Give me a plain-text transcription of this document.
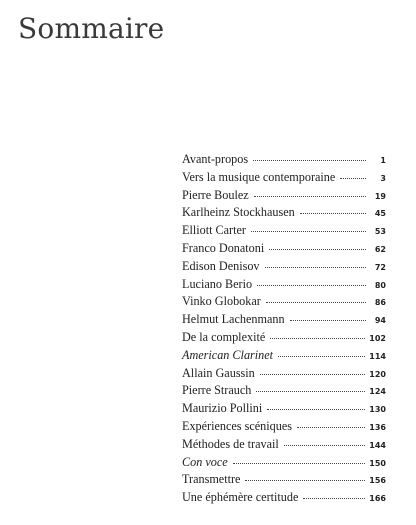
Sommaire
Avant-propos	1
Vers la musique contemporaine	3
Pierre Boulez	19
Karlheinz Stockhausen	45
Elliott Carter	53
Franco Donatoni	62
Edison Denisov	72
Luciano Berio	80
Vinko Globokar	86
Helmut Lachenmann	94
De la complexité	102
American Clarinet	114
Allain Gaussin	120
Pierre Strauch	124
Maurizio Pollini	130
Expériences scéniques	136
Méthodes de travail	144
Con voce	150
Transmettre	156
Une éphémère certitude	166
